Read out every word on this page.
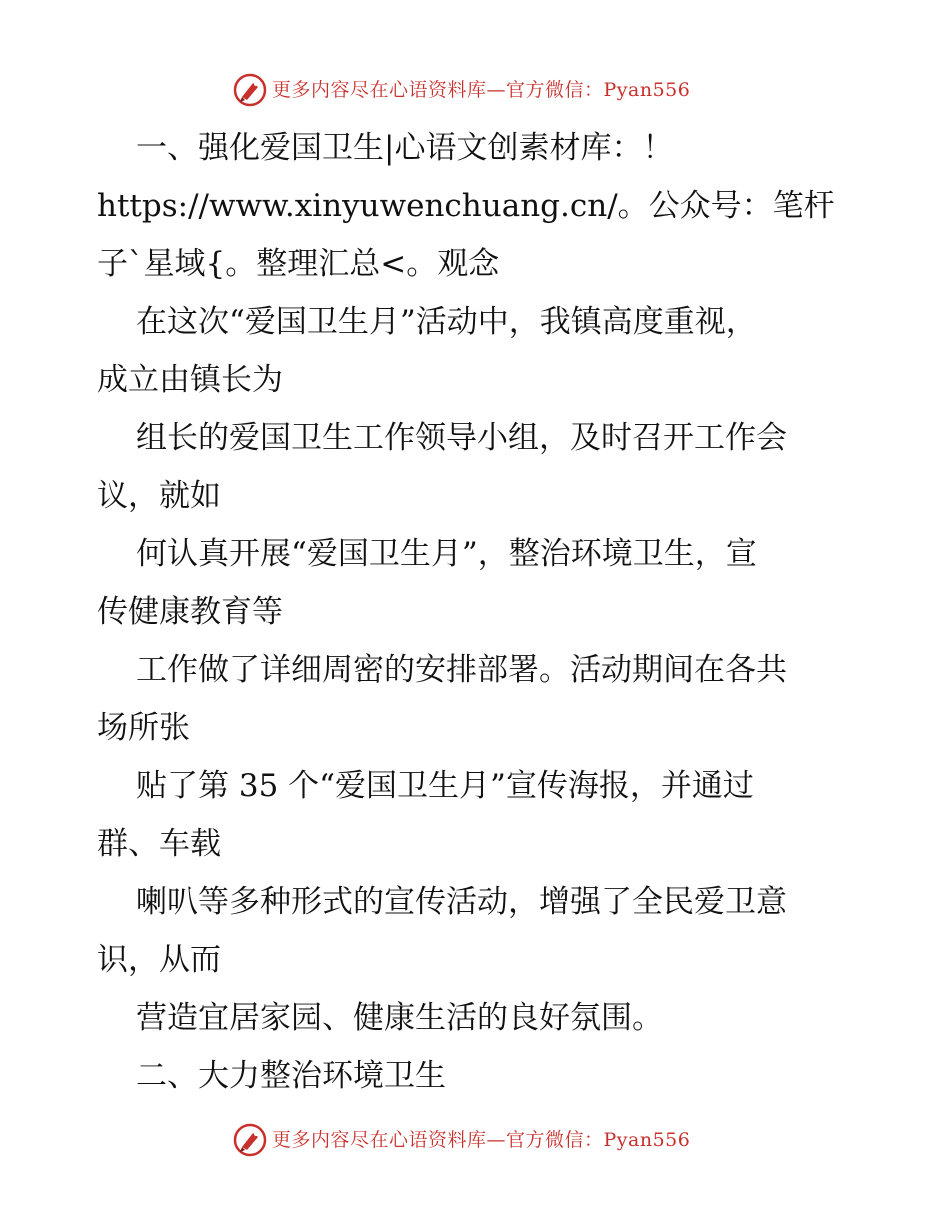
更多内容尽在心语资料库—官方微信：Pyan556
一、强化爱国卫生|心语文创素材库：！
https://www.xinyuwenchuang.cn/。公众号：笔杆
子`星域{。整理汇总<。观念
在这次“爱国卫生月”活动中，我镇高度重视，
成立由镇长为
组长的爱国卫生工作领导小组，及时召开工作会
议，就如
何认真开展“爱国卫生月”，整治环境卫生，宣
传健康教育等
工作做了详细周密的安排部署。活动期间在各共
场所张
贴了第 35 个“爱国卫生月”宣传海报，并通过
群、车载
喇叭等多种形式的宣传活动，增强了全民爱卫意
识，从而
营造宜居家园、健康生活的良好氛围。
二、大力整治环境卫生
更多内容尽在心语资料库—官方微信：Pyan556
